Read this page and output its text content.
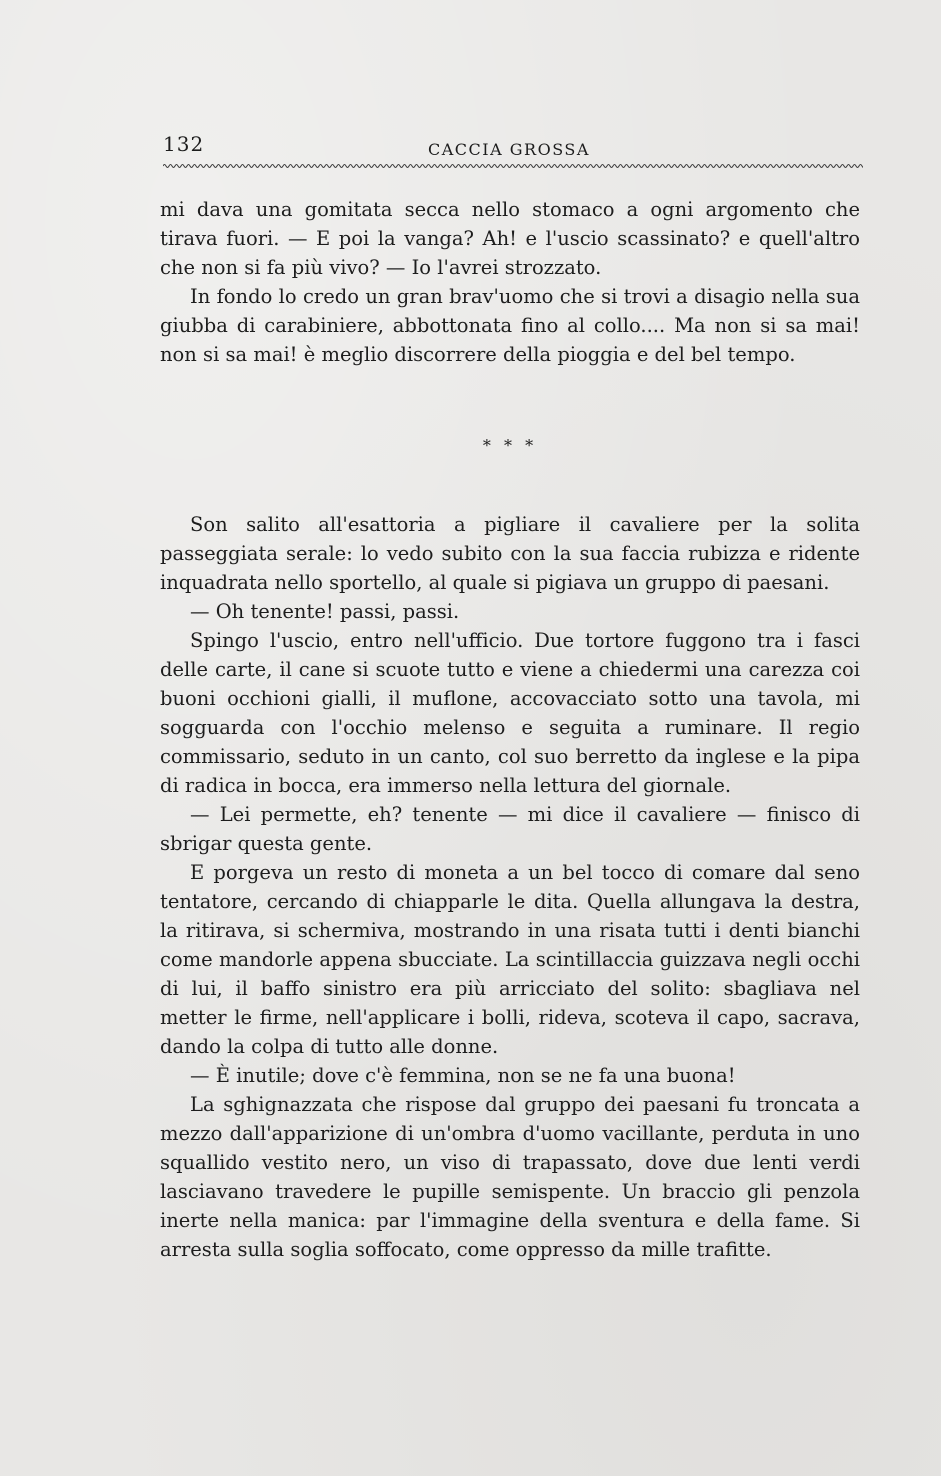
132	CACCIA GROSSA

mi dava una gomitata secca nello stomaco a ogni argomento che tirava fuori. — E poi la vanga? Ah! e l'uscio scassinato? e quell'altro che non si fa più vivo? — Io l'avrei strozzato.

In fondo lo credo un gran brav'uomo che si trovi a disagio nella sua giubba di carabiniere, abbottonata fino al collo.... Ma non si sa mai! non si sa mai! è meglio discorrere della pioggia e del bel tempo.

* * *

Son salito all'esattoria a pigliare il cavaliere per la solita passeggiata serale: lo vedo subito con la sua faccia rubizza e ridente inquadrata nello sportello, al quale si pigiava un gruppo di paesani.

— Oh tenente! passi, passi.

Spingo l'uscio, entro nell'ufficio. Due tortore fuggono tra i fasci delle carte, il cane si scuote tutto e viene a chiedermi una carezza coi buoni occhioni gialli, il muflone, accovacciato sotto una tavola, mi sogguarda con l'occhio melenso e seguita a ruminare. Il regio commissario, seduto in un canto, col suo berretto da inglese e la pipa di radica in bocca, era immerso nella lettura del giornale.

— Lei permette, eh? tenente — mi dice il cavaliere — finisco di sbrigar questa gente.

E porgeva un resto di moneta a un bel tocco di comare dal seno tentatore, cercando di chiapparle le dita. Quella allungava la destra, la ritirava, si schermiva, mostrando in una risata tutti i denti bianchi come mandorle appena sbucciate. La scintillaccia guizzava negli occhi di lui, il baffo sinistro era più arricciato del solito: sbagliava nel metter le firme, nell'applicare i bolli, rideva, scoteva il capo, sacrava, dando la colpa di tutto alle donne.

— È inutile; dove c'è femmina, non se ne fa una buona!

La sghignazzata che rispose dal gruppo dei paesani fu troncata a mezzo dall'apparizione di un'ombra d'uomo vacillante, perduta in uno squallido vestito nero, un viso di trapassato, dove due lenti verdi lasciavano travedere le pupille semispente. Un braccio gli penzola inerte nella manica: par l'immagine della sventura e della fame. Si arresta sulla soglia soffocato, come oppresso da mille trafitte.
